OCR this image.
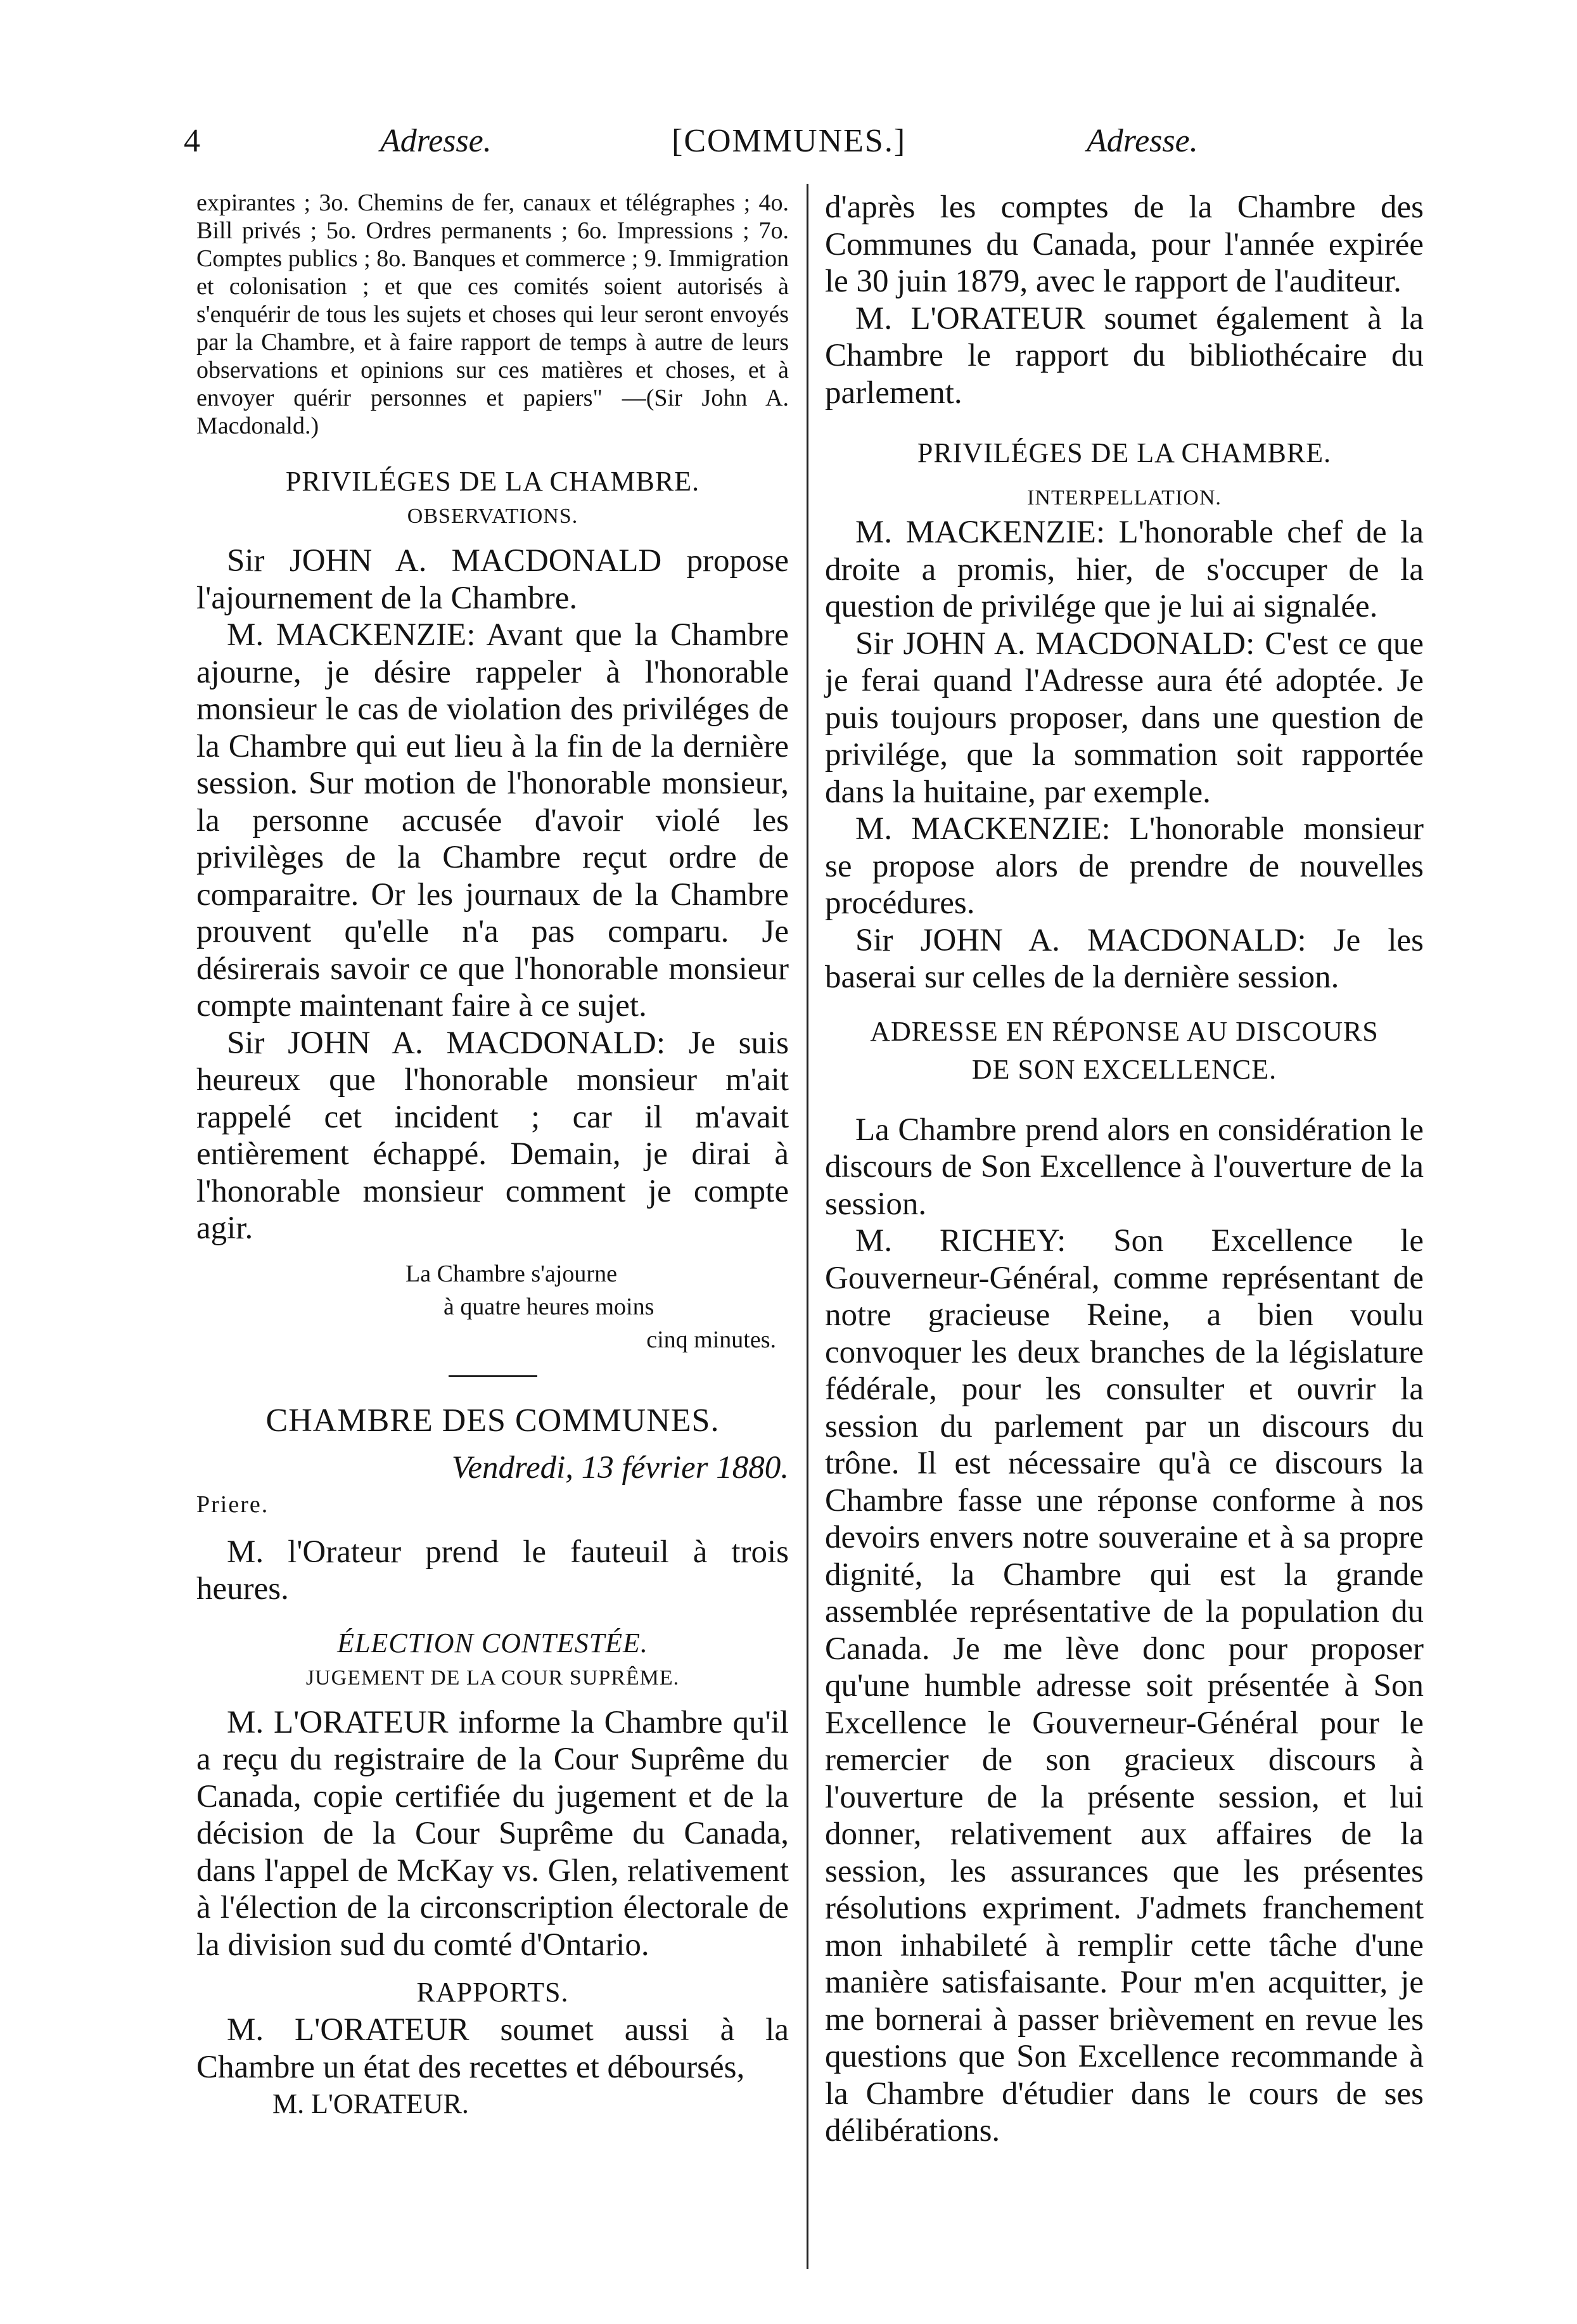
4	Adresse.	[COMMUNES.]	Adresse.

expirantes ; 3o. Chemins de fer, canaux et télégraphes ; 4o. Bill privés ; 5o. Ordres permanents ; 6o. Impressions ; 7o. Comptes publics ; 8o. Banques et commerce ; 9. Immigration et colonisation ; et que ces comités soient autorisés à s'enquérir de tous les sujets et choses qui leur seront envoyés par la Chambre, et à faire rapport de temps à autre de leurs observations et opinions sur ces matières et choses, et à envoyer quérir personnes et papiers" —(Sir John A. Macdonald.)

PRIVILÉGES DE LA CHAMBRE.

OBSERVATIONS.

Sir JOHN A. MACDONALD propose l'ajournement de la Chambre.

M. MACKENZIE: Avant que la Chambre ajourne, je désire rappeler à l'honorable monsieur le cas de violation des priviléges de la Chambre qui eut lieu à la fin de la dernière session. Sur motion de l'honorable monsieur, la personne accusée d'avoir violé les privilèges de la Chambre reçut ordre de comparaitre. Or les journaux de la Chambre prouvent qu'elle n'a pas comparu. Je désirerais savoir ce que l'honorable monsieur compte maintenant faire à ce sujet.

Sir JOHN A. MACDONALD: Je suis heureux que l'honorable monsieur m'ait rappelé cet incident ; car il m'avait entièrement échappé. Demain, je dirai à l'honorable monsieur comment je compte agir.

La Chambre s'ajourne
à quatre heures moins
cinq minutes.

CHAMBRE DES COMMUNES.

Vendredi, 13 février 1880.

Priere.

M. l'Orateur prend le fauteuil à trois heures.

ÉLECTION CONTESTÉE.

JUGEMENT DE LA COUR SUPRÊME.

M. L'ORATEUR informe la Chambre qu'il a reçu du registraire de la Cour Suprême du Canada, copie certifiée du jugement et de la décision de la Cour Suprême du Canada, dans l'appel de McKay vs. Glen, relativement à l'élection de la circonscription électorale de la division sud du comté d'Ontario.

RAPPORTS.

M. L'ORATEUR soumet aussi à la Chambre un état des recettes et déboursés,

M. L'ORATEUR.

d'après les comptes de la Chambre des Communes du Canada, pour l'année expirée le 30 juin 1879, avec le rapport de l'auditeur.

M. L'ORATEUR soumet également à la Chambre le rapport du bibliothécaire du parlement.

PRIVILÉGES DE LA CHAMBRE.

INTERPELLATION.

M. MACKENZIE: L'honorable chef de la droite a promis, hier, de s'occuper de la question de privilége que je lui ai signalée.

Sir JOHN A. MACDONALD: C'est ce que je ferai quand l'Adresse aura été adoptée. Je puis toujours proposer, dans une question de privilége, que la sommation soit rapportée dans la huitaine, par exemple.

M. MACKENZIE: L'honorable monsieur se propose alors de prendre de nouvelles procédures.

Sir JOHN A. MACDONALD: Je les baserai sur celles de la dernière session.

ADRESSE EN RÉPONSE AU DISCOURS

DE SON EXCELLENCE.

La Chambre prend alors en considération le discours de Son Excellence à l'ouverture de la session.

M. RICHEY: Son Excellence le Gouverneur-Général, comme représentant de notre gracieuse Reine, a bien voulu convoquer les deux branches de la législature fédérale, pour les consulter et ouvrir la session du parlement par un discours du trône. Il est nécessaire qu'à ce discours la Chambre fasse une réponse conforme à nos devoirs envers notre souveraine et à sa propre dignité, la Chambre qui est la grande assemblée représentative de la population du Canada. Je me lève donc pour proposer qu'une humble adresse soit présentée à Son Excellence le Gouverneur-Général pour le remercier de son gracieux discours à l'ouverture de la présente session, et lui donner, relativement aux affaires de la session, les assurances que les présentes résolutions expriment. J'admets franchement mon inhabileté à remplir cette tâche d'une manière satisfaisante. Pour m'en acquitter, je me bornerai à passer brièvement en revue les questions que Son Excellence recommande à la Chambre d'étudier dans le cours de ses délibérations.
